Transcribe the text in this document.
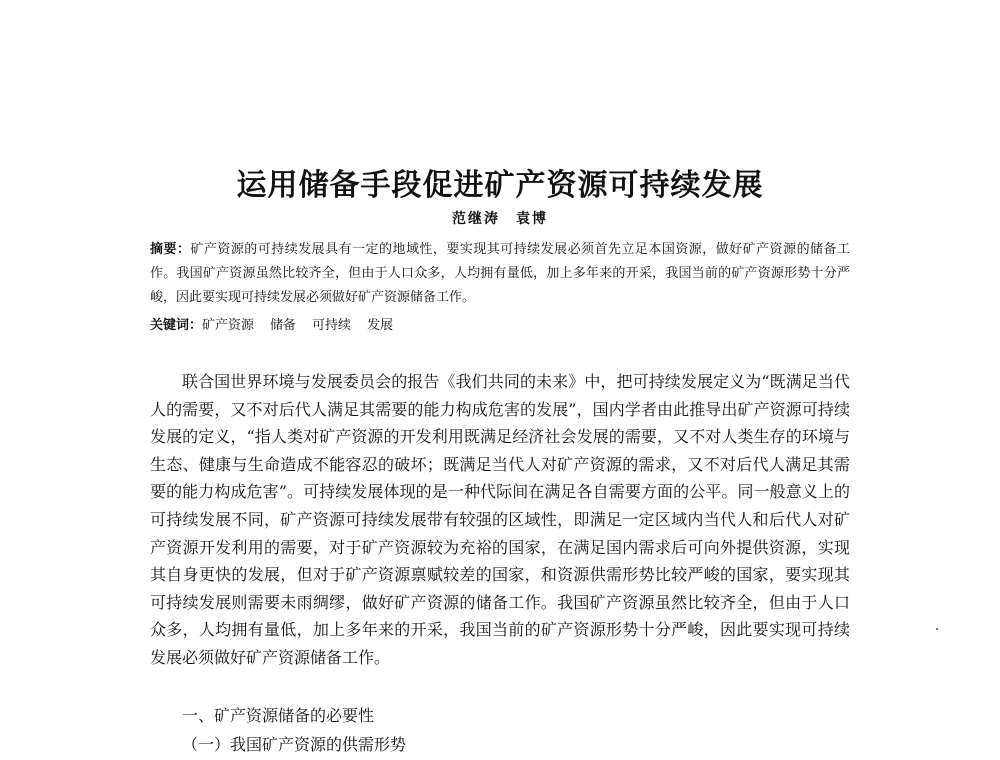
运用储备手段促进矿产资源可持续发展
范继涛　袁博
摘要：矿产资源的可持续发展具有一定的地域性，要实现其可持续发展必须首先立足本国资源，做好矿产资源的储备工作。我国矿产资源虽然比较齐全，但由于人口众多，人均拥有量低，加上多年来的开采，我国当前的矿产资源形势十分严峻，因此要实现可持续发展必须做好矿产资源储备工作。
关键词：矿产资源 储备 可持续 发展

联合国世界环境与发展委员会的报告《我们共同的未来》中，把可持续发展定义为“既满足当代人的需要，又不对后代人满足其需要的能力构成危害的发展”，国内学者由此推导出矿产资源可持续发展的定义，“指人类对矿产资源的开发利用既满足经济社会发展的需要，又不对人类生存的环境与生态、健康与生命造成不能容忍的破坏；既满足当代人对矿产资源的需求，又不对后代人满足其需要的能力构成危害”。可持续发展体现的是一种代际间在满足各自需要方面的公平。同一般意义上的可持续发展不同，矿产资源可持续发展带有较强的区域性，即满足一定区域内当代人和后代人对矿产资源开发利用的需要，对于矿产资源较为充裕的国家，在满足国内需求后可向外提供资源，实现其自身更快的发展，但对于矿产资源禀赋较差的国家，和资源供需形势比较严峻的国家，要实现其可持续发展则需要未雨绸缪，做好矿产资源的储备工作。我国矿产资源虽然比较齐全，但由于人口众多，人均拥有量低，加上多年来的开采，我国当前的矿产资源形势十分严峻，因此要实现可持续发展必须做好矿产资源储备工作。

一、矿产资源储备的必要性
（一）我国矿产资源的供需形势
